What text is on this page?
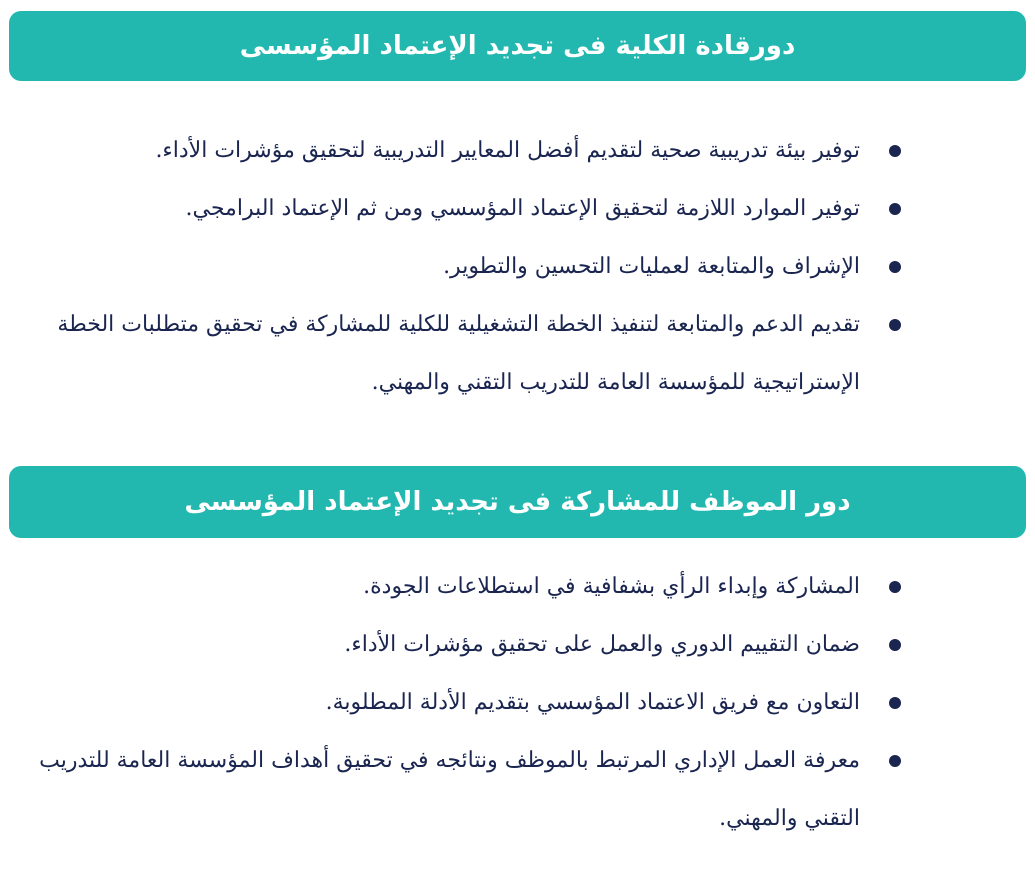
دورقادة الكلية فى تجديد الإعتماد المؤسسى
توفير بيئة تدريبية صحية لتقديم أفضل المعايير التدريبية لتحقيق مؤشرات الأداء.
توفير الموارد اللازمة لتحقيق الإعتماد المؤسسي ومن ثم الإعتماد البرامجي.
الإشراف والمتابعة لعمليات التحسين والتطوير.
تقديم الدعم والمتابعة لتنفيذ الخطة التشغيلية للكلية للمشاركة في تحقيق متطلبات الخطة الإستراتيجية للمؤسسة العامة للتدريب التقني والمهني.
دور الموظف للمشاركة فى تجديد الإعتماد المؤسسى
المشاركة وإبداء الرأي بشفافية في استطلاعات الجودة.
ضمان التقييم الدوري والعمل على تحقيق مؤشرات الأداء.
التعاون مع فريق الاعتماد المؤسسي بتقديم الأدلة المطلوبة.
معرفة العمل الإداري المرتبط بالموظف ونتائجه في تحقيق أهداف المؤسسة العامة للتدريب التقني والمهني.
